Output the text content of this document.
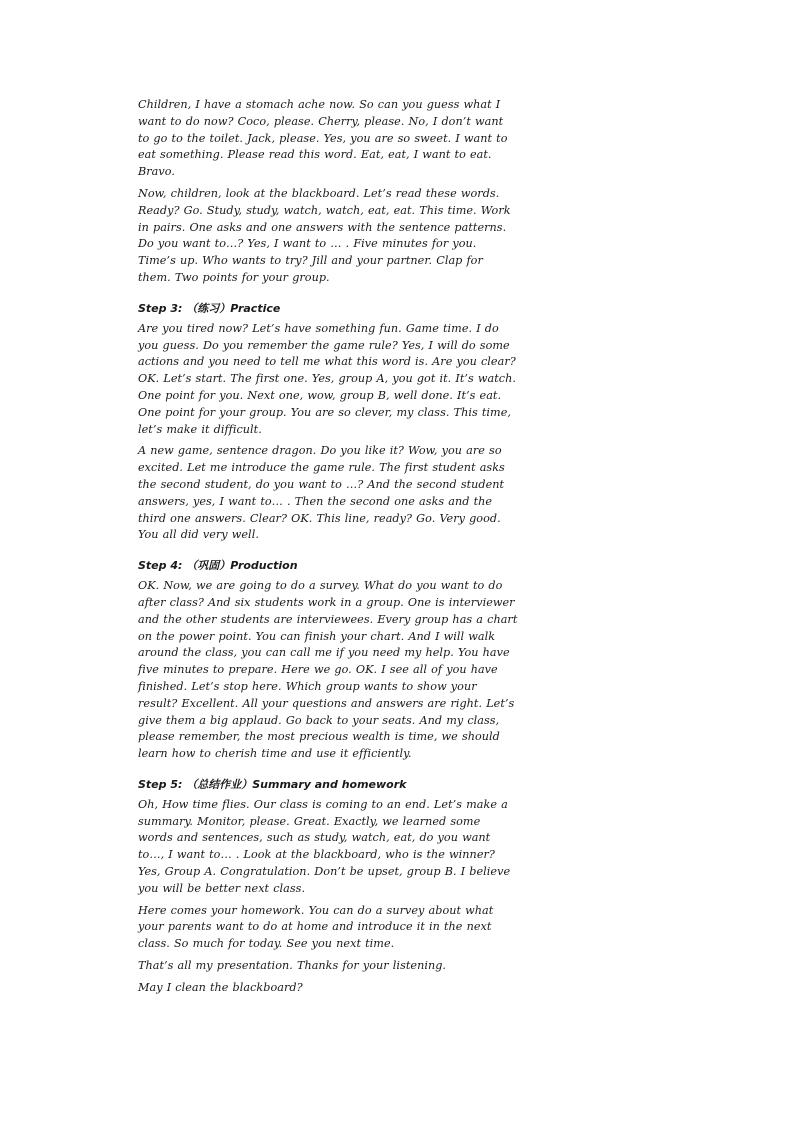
Children, I have a stomach ache now. So can you guess what I want to do now? Coco, please. Cherry, please. No, I don’t want to go to the toilet. Jack, please. Yes, you are so sweet. I want to eat something. Please read this word. Eat, eat, I want to eat. Bravo.

Now, children, look at the blackboard. Let’s read these words. Ready? Go. Study, study, watch, watch, eat, eat. This time. Work in pairs. One asks and one answers with the sentence patterns. Do you want to…? Yes, I want to … . Five minutes for you. Time’s up. Who wants to try? Jill and your partner. Clap for them. Two points for your group.

Step 3: （练习）Practice

Are you tired now? Let’s have something fun. Game time. I do you guess. Do you remember the game rule? Yes, I will do some actions and you need to tell me what this word is. Are you clear? OK. Let’s start. The first one. Yes, group A, you got it. It’s watch. One point for you. Next one, wow, group B, well done. It’s eat. One point for your group. You are so clever, my class. This time, let’s make it difficult.

A new game, sentence dragon. Do you like it? Wow, you are so excited. Let me introduce the game rule. The first student asks the second student, do you want to …? And the second student answers, yes, I want to… . Then the second one asks and the third one answers. Clear? OK. This line, ready? Go. Very good. You all did very well.

Step 4: （巩固）Production

OK. Now, we are going to do a survey. What do you want to do after class? And six students work in a group. One is interviewer and the other students are interviewees. Every group has a chart on the power point. You can finish your chart. And I will walk around the class, you can call me if you need my help. You have five minutes to prepare. Here we go. OK. I see all of you have finished. Let’s stop here. Which group wants to show your result? Excellent. All your questions and answers are right. Let’s give them a big applaud. Go back to your seats. And my class, please remember, the most precious wealth is time, we should learn how to cherish time and use it efficiently.

Step 5: （总结作业）Summary and homework

Oh, How time flies. Our class is coming to an end. Let’s make a summary. Monitor, please. Great. Exactly, we learned some words and sentences, such as study, watch, eat, do you want to…, I want to… . Look at the blackboard, who is the winner? Yes, Group A. Congratulation. Don’t be upset, group B. I believe you will be better next class.

Here comes your homework. You can do a survey about what your parents want to do at home and introduce it in the next class. So much for today. See you next time.

That’s all my presentation. Thanks for your listening.

May I clean the blackboard?
